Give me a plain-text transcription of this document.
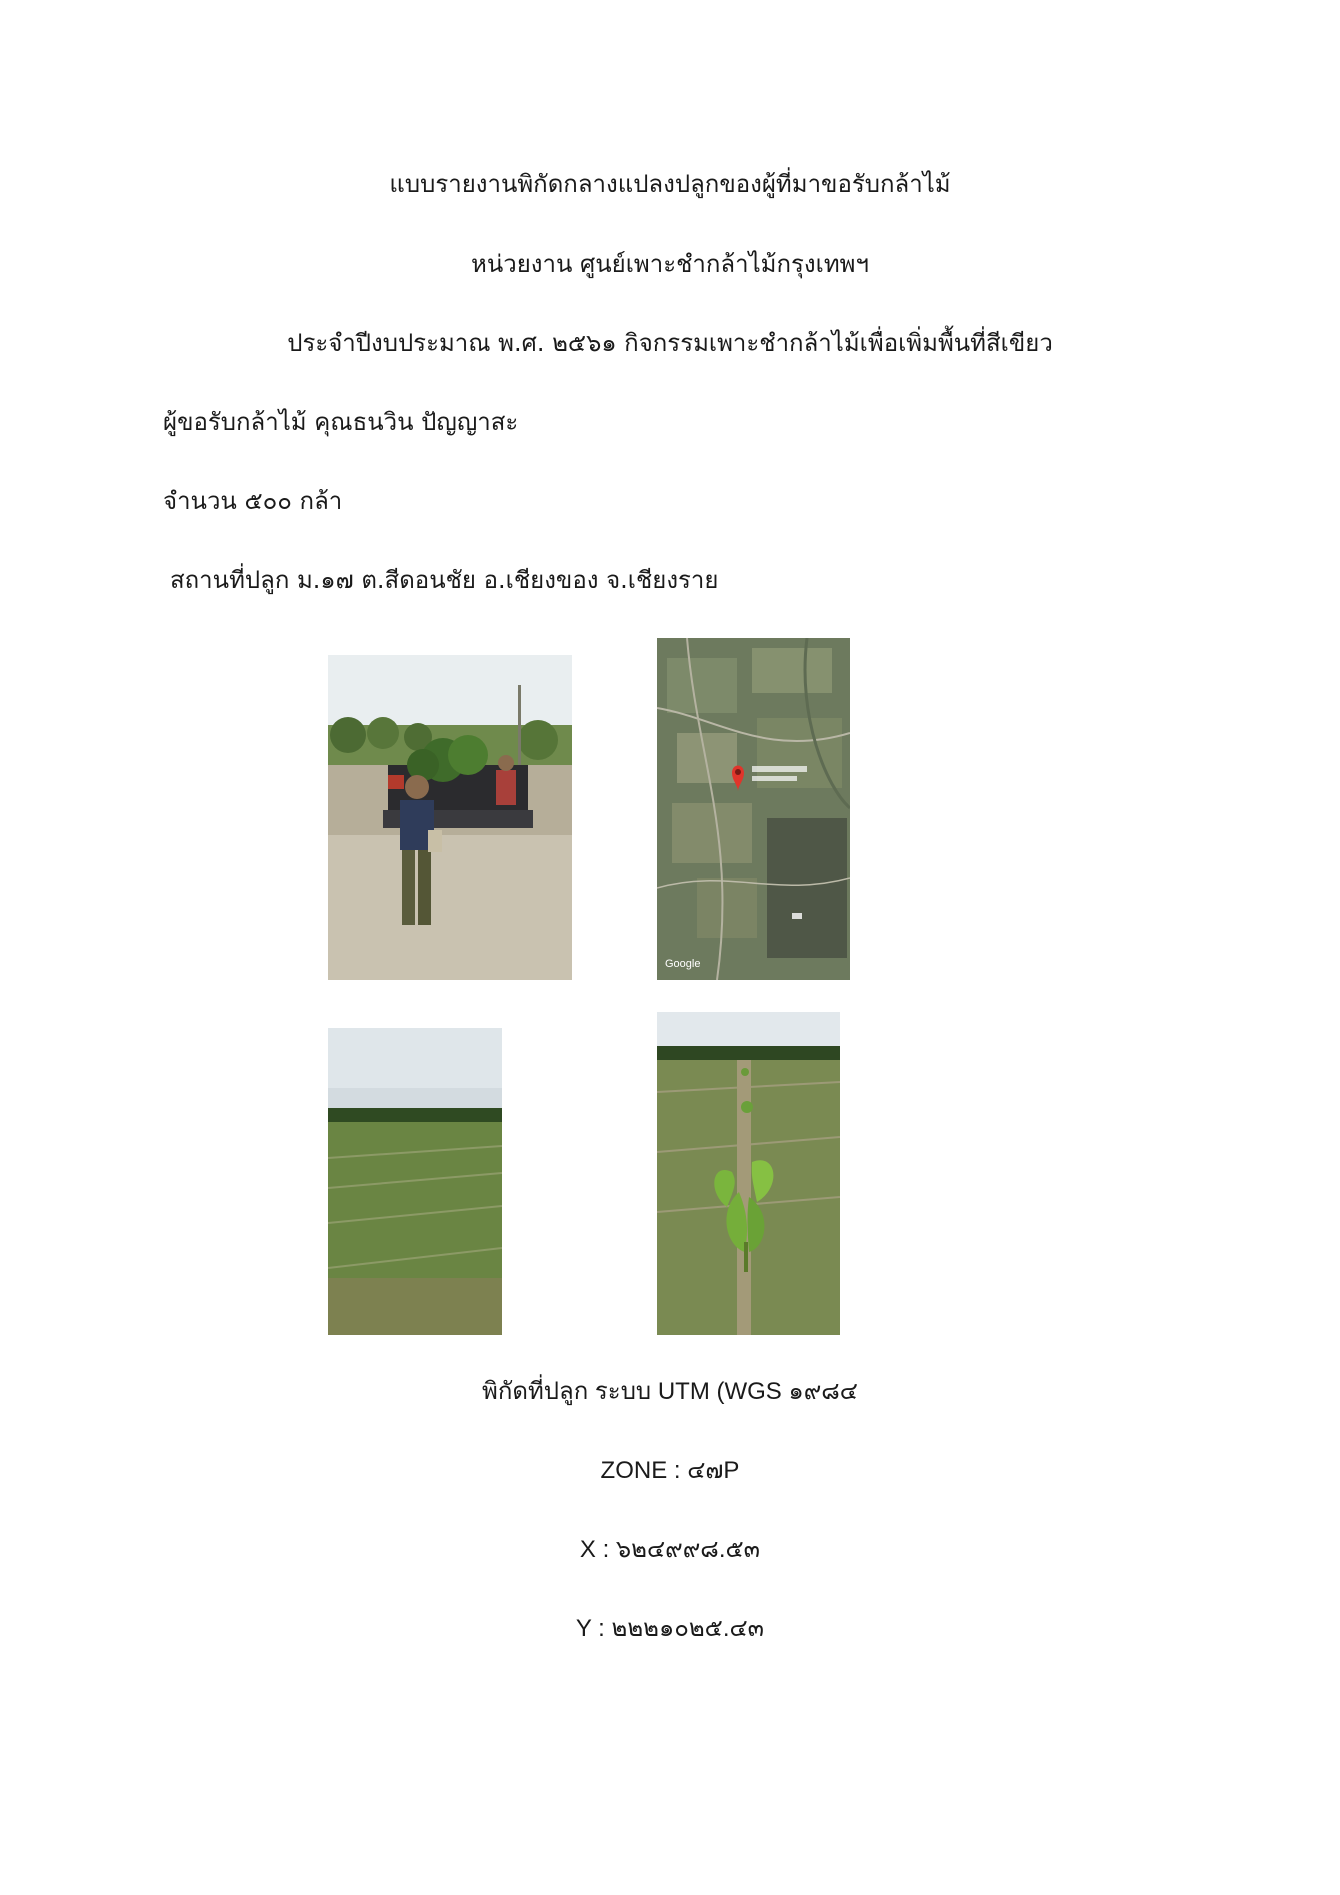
แบบรายงานพิกัดกลางแปลงปลูกของผู้ที่มาขอรับกล้าไม้
หน่วยงาน ศูนย์เพาะชำกล้าไม้กรุงเทพฯ
ประจำปีงบประมาณ พ.ศ. ๒๕๖๑ กิจกรรมเพาะชำกล้าไม้เพื่อเพิ่มพื้นที่สีเขียว
ผู้ขอรับกล้าไม้ คุณธนวิน ปัญญาสะ
จำนวน ๕๐๐ กล้า
สถานที่ปลูก ม.๑๗ ต.สีดอนชัย อ.เชียงของ จ.เชียงราย
Google
พิกัดที่ปลูก ระบบ UTM (WGS ๑๙๘๔
ZONE : ๔๗P
X : ๖๒๔๙๙๘.๕๓
Y : ๒๒๒๑๐๒๕.๔๓
